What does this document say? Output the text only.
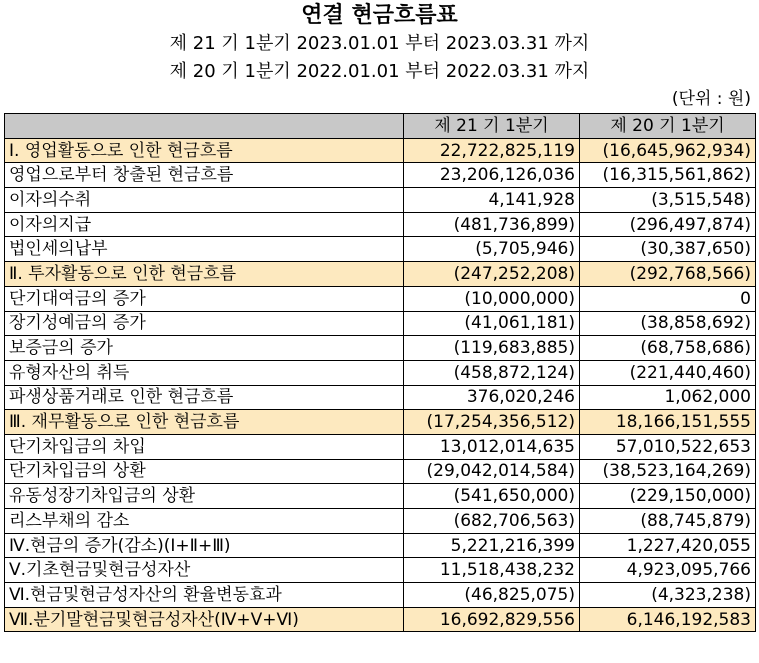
연결 현금흐름표
제 21 기 1분기 2023.01.01 부터 2023.03.31 까지
제 20 기 1분기 2022.01.01 부터 2022.03.31 까지
(단위 : 원)
	제 21 기 1분기	제 20 기 1분기
Ⅰ. 영업활동으로 인한 현금흐름	22,722,825,119	(16,645,962,934)
영업으로부터 창출된 현금흐름	23,206,126,036	(16,315,561,862)
이자의수취	4,141,928	(3,515,548)
이자의지급	(481,736,899)	(296,497,874)
법인세의납부	(5,705,946)	(30,387,650)
Ⅱ. 투자활동으로 인한 현금흐름	(247,252,208)	(292,768,566)
단기대여금의 증가	(10,000,000)	0
장기성예금의 증가	(41,061,181)	(38,858,692)
보증금의 증가	(119,683,885)	(68,758,686)
유형자산의 취득	(458,872,124)	(221,440,460)
파생상품거래로 인한 현금흐름	376,020,246	1,062,000
Ⅲ. 재무활동으로 인한 현금흐름	(17,254,356,512)	18,166,151,555
단기차입금의 차입	13,012,014,635	57,010,522,653
단기차입금의 상환	(29,042,014,584)	(38,523,164,269)
유동성장기차입금의 상환	(541,650,000)	(229,150,000)
리스부채의 감소	(682,706,563)	(88,745,879)
Ⅳ.현금의 증가(감소)(Ⅰ+Ⅱ+Ⅲ)	5,221,216,399	1,227,420,055
Ⅴ.기초현금및현금성자산	11,518,438,232	4,923,095,766
Ⅵ.현금및현금성자산의 환율변동효과	(46,825,075)	(4,323,238)
Ⅶ.분기말현금및현금성자산(Ⅳ+Ⅴ+Ⅵ)	16,692,829,556	6,146,192,583
